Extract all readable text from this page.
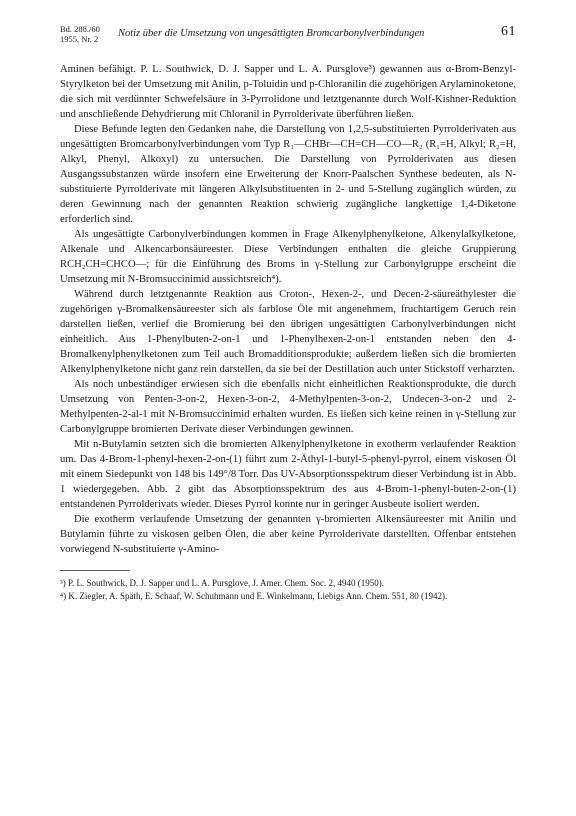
Bd. 288./60
1955, Nr. 2 Notiz über die Umsetzung von ungesättigten Bromcarbonylverbindungen	61

Aminen befähigt. P. L. Southwick, D. J. Sapper und L. A. Pursglove³) gewannen aus α-Brom-Benzyl-Styrylketon bei der Umsetzung mit Anilin, p-Toluidin und p-Chloranilin die zugehörigen Arylaminoketone, die sich mit verdünnter Schwefelsäure in 3-Pyrrolidone und letztgenannte durch Wolf-Kishner-Reduktion und anschließende Dehydrierung mit Chloranil in Pyrrolderivate überführen ließen.

Diese Befunde legten den Gedanken nahe, die Darstellung von 1,2,5-substituierten Pyrrolderivaten aus ungesättigten Bromcarbonylverbindungen vom Typ R₁—CHBr—CH=CH—CO—R₂ (R₁=H, Alkyl; R₂=H, Alkyl, Phenyl, Alkoxyl) zu untersuchen. Die Darstellung von Pyrrolderivaten aus diesen Ausgangssubstanzen würde insofern eine Erweiterung der Knorr-Paalschen Synthese bedeuten, als N-substituierte Pyrrolderivate mit längeren Alkylsubstituenten in 2- und 5-Stellung zugänglich würden, zu deren Gewinnung nach der genannten Reaktion schwierig zugängliche langkettige 1,4-Diketone erforderlich sind.

Als ungesättigte Carbonylverbindungen kommen in Frage Alkenylphenylketone, Alkenylalkylketone, Alkenale und Alkencarbonsäureester. Diese Verbindungen enthalten die gleiche Gruppierung RCH₂CH=CHCO—; für die Einführung des Broms in γ-Stellung zur Carbonylgruppe erscheint die Umsetzung mit N-Bromsuccinimid aussichtsreich⁴).

Während durch letztgenannte Reaktion aus Croton-, Hexen-2-, und Decen-2-säureäthylester die zugehörigen γ-Bromalkensäureester sich als farblose Öle mit angenehmem, fruchtartigem Geruch rein darstellen ließen, verlief die Bromierung bei den übrigen ungesättigten Carbonylverbindungen nicht einheitlich. Aus 1-Phenylbuten-2-on-1 und 1-Phenylhexen-2-on-1 entstanden neben den 4-Bromalkenylphenylketonen zum Teil auch Bromadditionsprodukte; außerdem ließen sich die bromierten Alkenylphenylketone nicht ganz rein darstellen, da sie bei der Destillation auch unter Stickstoff verharzten.

Als noch unbeständiger erwiesen sich die ebenfalls nicht einheitlichen Reaktionsprodukte, die durch Umsetzung von Penten-3-on-2, Hexen-3-on-2, 4-Methylpenten-3-on-2, Undecen-3-on-2 und 2-Methylpenten-2-al-1 mit N-Bromsuccinimid erhalten wurden. Es ließen sich keine reinen in γ-Stellung zur Carbonylgruppe bromierten Derivate dieser Verbindungen gewinnen.

Mit n-Butylamin setzten sich die bromierten Alkenylphenylketone in exotherm verlaufender Reaktion um. Das 4-Brom-1-phenyl-hexen-2-on-(1) führt zum 2-Äthyl-1-butyl-5-phenyl-pyrrol, einem viskosen Öl mit einem Siedepunkt von 148 bis 149°/8 Torr. Das UV-Absorptionsspektrum dieser Verbindung ist in Abb. 1 wiedergegeben. Abb. 2 gibt das Absorptionsspektrum des aus 4-Brom-1-phenyl-buten-2-on-(1) entstandenen Pyrrolderivats wieder. Dieses Pyrrol konnte nur in geringer Ausbeute isoliert werden.

Die exotherm verlaufende Umsetzung der genannten γ-bromierten Alkensäureester mit Anilin und Butylamin führte zu viskosen gelben Ölen, die aber keine Pyrrolderivate darstellten. Offenbar entstehen vorwiegend N-substituierte γ-Amino-

³) P. L. Southwick, D. J. Sapper und L. A. Pursglove, J. Amer. Chem. Soc. 2, 4940 (1950).

⁴) K. Ziegler, A. Späth, E. Schaaf, W. Schuhmann und E. Winkelmann, Liebigs Ann. Chem. 551, 80 (1942).
